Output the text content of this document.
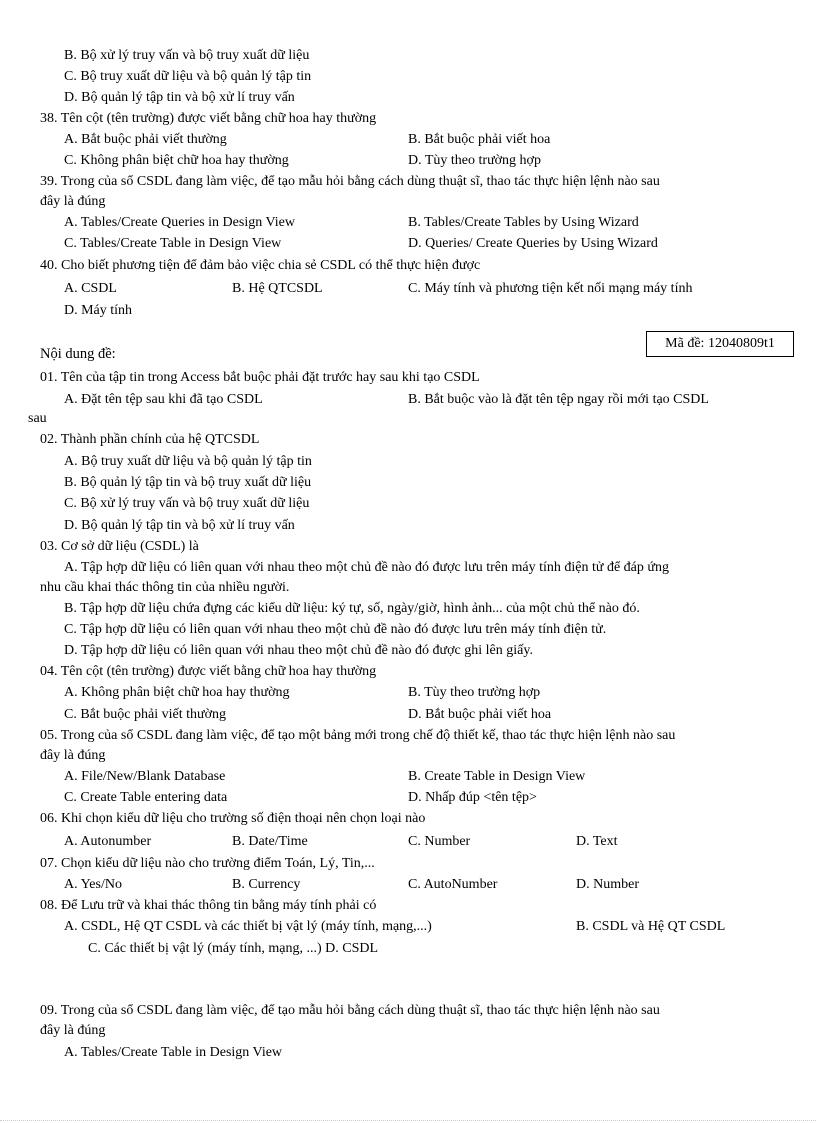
B. Bộ xử lý truy vấn và bộ truy xuất dữ liệu
C. Bộ truy xuất dữ liệu và bộ quản lý tập tin
D. Bộ quản lý tập tin và bộ xử lí truy vấn
38. Tên cột (tên trường) được viết bằng chữ hoa hay thường
A. Bắt buộc phải viết thường	B. Bắt buộc phải viết hoa
C. Không phân biệt chữ hoa hay thường	D. Tùy theo trường hợp
39. Trong của sổ CSDL đang làm việc, để tạo mẫu hỏi bằng cách dùng thuật sĩ, thao tác thực hiện lệnh nào sau
đây là đúng
A. Tables/Create Queries in Design View	B. Tables/Create Tables by Using Wizard
C. Tables/Create Table in Design View	D. Queries/ Create Queries by Using Wizard
40. Cho biết phương tiện để đảm bảo việc chia sẻ CSDL có thể thực hiện được
A. CSDL	B. Hệ QTCSDL	C. Máy tính và phương tiện kết nối mạng máy tính
D. Máy tính
Mã đề: 12040809t1
Nội dung đề:
01. Tên của tập tin trong Access bắt buộc phải đặt trước hay sau khi tạo CSDL
A. Đặt tên tệp sau khi đã tạo CSDL	B. Bắt buộc vào là đặt tên tệp ngay rồi mới tạo CSDL
sau
02. Thành phần chính của hệ QTCSDL
A. Bộ truy xuất dữ liệu và bộ quản lý tập tin
B. Bộ quản lý tập tin và bộ truy xuất dữ liệu
C. Bộ xử lý truy vấn và bộ truy xuất dữ liệu
D. Bộ quản lý tập tin và bộ xử lí truy vấn
03. Cơ sở dữ liệu (CSDL) là
A. Tập hợp dữ liệu có liên quan với nhau theo một chủ đề nào đó được lưu trên máy tính điện tử để đáp ứng
nhu cầu khai thác thông tin của nhiều người.
B. Tập hợp dữ liệu chứa đựng các kiểu dữ liệu: ký tự, số, ngày/giờ, hình ảnh... của một chủ thể nào đó.
C. Tập hợp dữ liệu có liên quan với nhau theo một chủ đề nào đó được lưu trên máy tính điện tử.
D. Tập hợp dữ liệu có liên quan với nhau theo một chủ đề nào đó được ghi lên giấy.
04. Tên cột (tên trường) được viết bằng chữ hoa hay thường
A. Không phân biệt chữ hoa hay thường	B. Tùy theo trường hợp
C. Bắt buộc phải viết thường	D. Bắt buộc phải viết hoa
05. Trong của sổ CSDL đang làm việc, để tạo một bảng mới trong chế độ thiết kế, thao tác thực hiện lệnh nào sau
đây là đúng
A. File/New/Blank Database	B. Create Table in Design View
C. Create Table entering data	D. Nhấp đúp <tên tệp>
06. Khi chọn kiểu dữ liệu cho trường số điện thoại nên chọn loại nào
A. Autonumber	B. Date/Time	C. Number	D. Text
07. Chọn kiểu dữ liệu nào cho trường điểm Toán, Lý, Tin,...
A. Yes/No	B. Currency	C. AutoNumber	D. Number
08. Để Lưu trữ và khai thác thông tin bằng máy tính phải có
A. CSDL, Hệ QT CSDL và các thiết bị vật lý (máy tính, mạng,...)	B. CSDL và Hệ QT CSDL
C. Các thiết bị vật lý (máy tính, mạng, ...) D. CSDL
09. Trong của sổ CSDL đang làm việc, để tạo mẫu hỏi bằng cách dùng thuật sĩ, thao tác thực hiện lệnh nào sau
đây là đúng
A. Tables/Create Table in Design View
